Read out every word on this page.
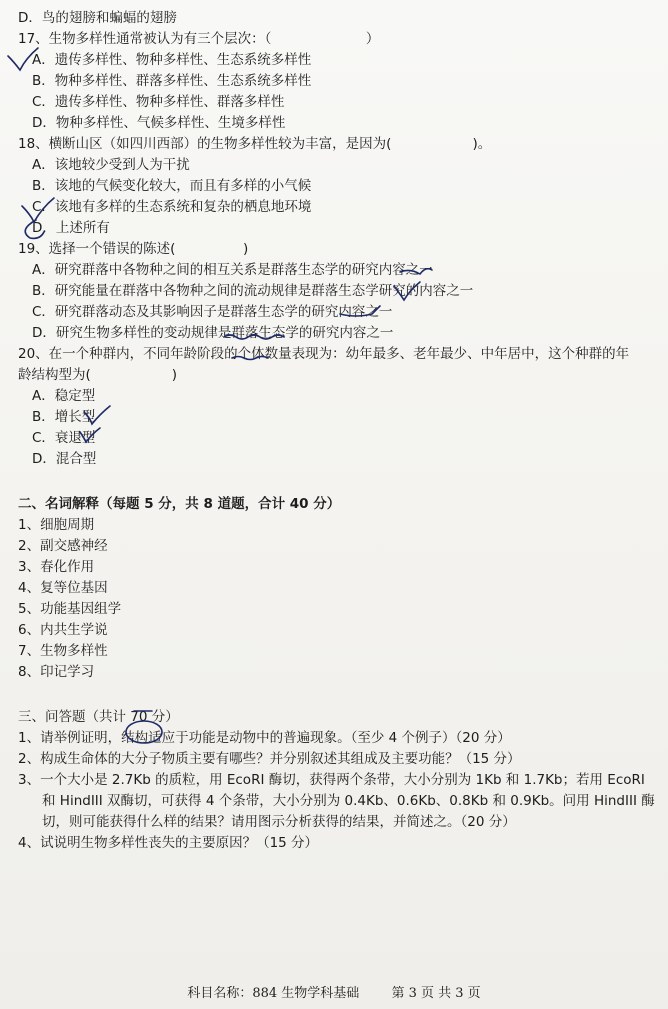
D．鸟的翅膀和蝙蝠的翅膀
17、生物多样性通常被认为有三个层次：（　　　　　　　）
A．遗传多样性、物种多样性、生态系统多样性
B．物种多样性、群落多样性、生态系统多样性
C．遗传多样性、物种多样性、群落多样性
D．物种多样性、气候多样性、生境多样性
18、横断山区（如四川西部）的生物多样性较为丰富，是因为(　　　　　　)。
A．该地较少受到人为干扰
B．该地的气候变化较大，而且有多样的小气候
C．该地有多样的生态系统和复杂的栖息地环境
D．上述所有
19、选择一个错误的陈述(　　　　　)
A．研究群落中各物种之间的相互关系是群落生态学的研究内容之一
B．研究能量在群落中各物种之间的流动规律是群落生态学研究的内容之一
C．研究群落动态及其影响因子是群落生态学的研究内容之一
D．研究生物多样性的变动规律是群落生态学的研究内容之一
20、在一个种群内，不同年龄阶段的个体数量表现为：幼年最多、老年最少、中年居中，这个种群的年
龄结构型为(　　　　　　)
A．稳定型
B．增长型
C．衰退型
D．混合型
二、名词解释（每题 5 分，共 8 道题，合计 40 分）
1、细胞周期
2、副交感神经
3、春化作用
4、复等位基因
5、功能基因组学
6、内共生学说
7、生物多样性
8、印记学习
三、问答题（共计 70 分）
1、请举例证明，结构适应于功能是动物中的普遍现象。（至少 4 个例子）（20 分）
2、构成生命体的大分子物质主要有哪些？并分别叙述其组成及主要功能？（15 分）
3、一个大小是 2.7Kb 的质粒，用 EcoRI 酶切，获得两个条带，大小分别为 1Kb 和 1.7Kb；若用 EcoRI 和 HindIII 双酶切，可获得 4 个条带，大小分别为 0.4Kb、0.6Kb、0.8Kb 和 0.9Kb。问用 HindIII 酶切，则可能获得什么样的结果？请用图示分析获得的结果，并简述之。（20 分）
4、试说明生物多样性丧失的主要原因？（15 分）
科目名称：884 生物学科基础 第 3 页 共 3 页
